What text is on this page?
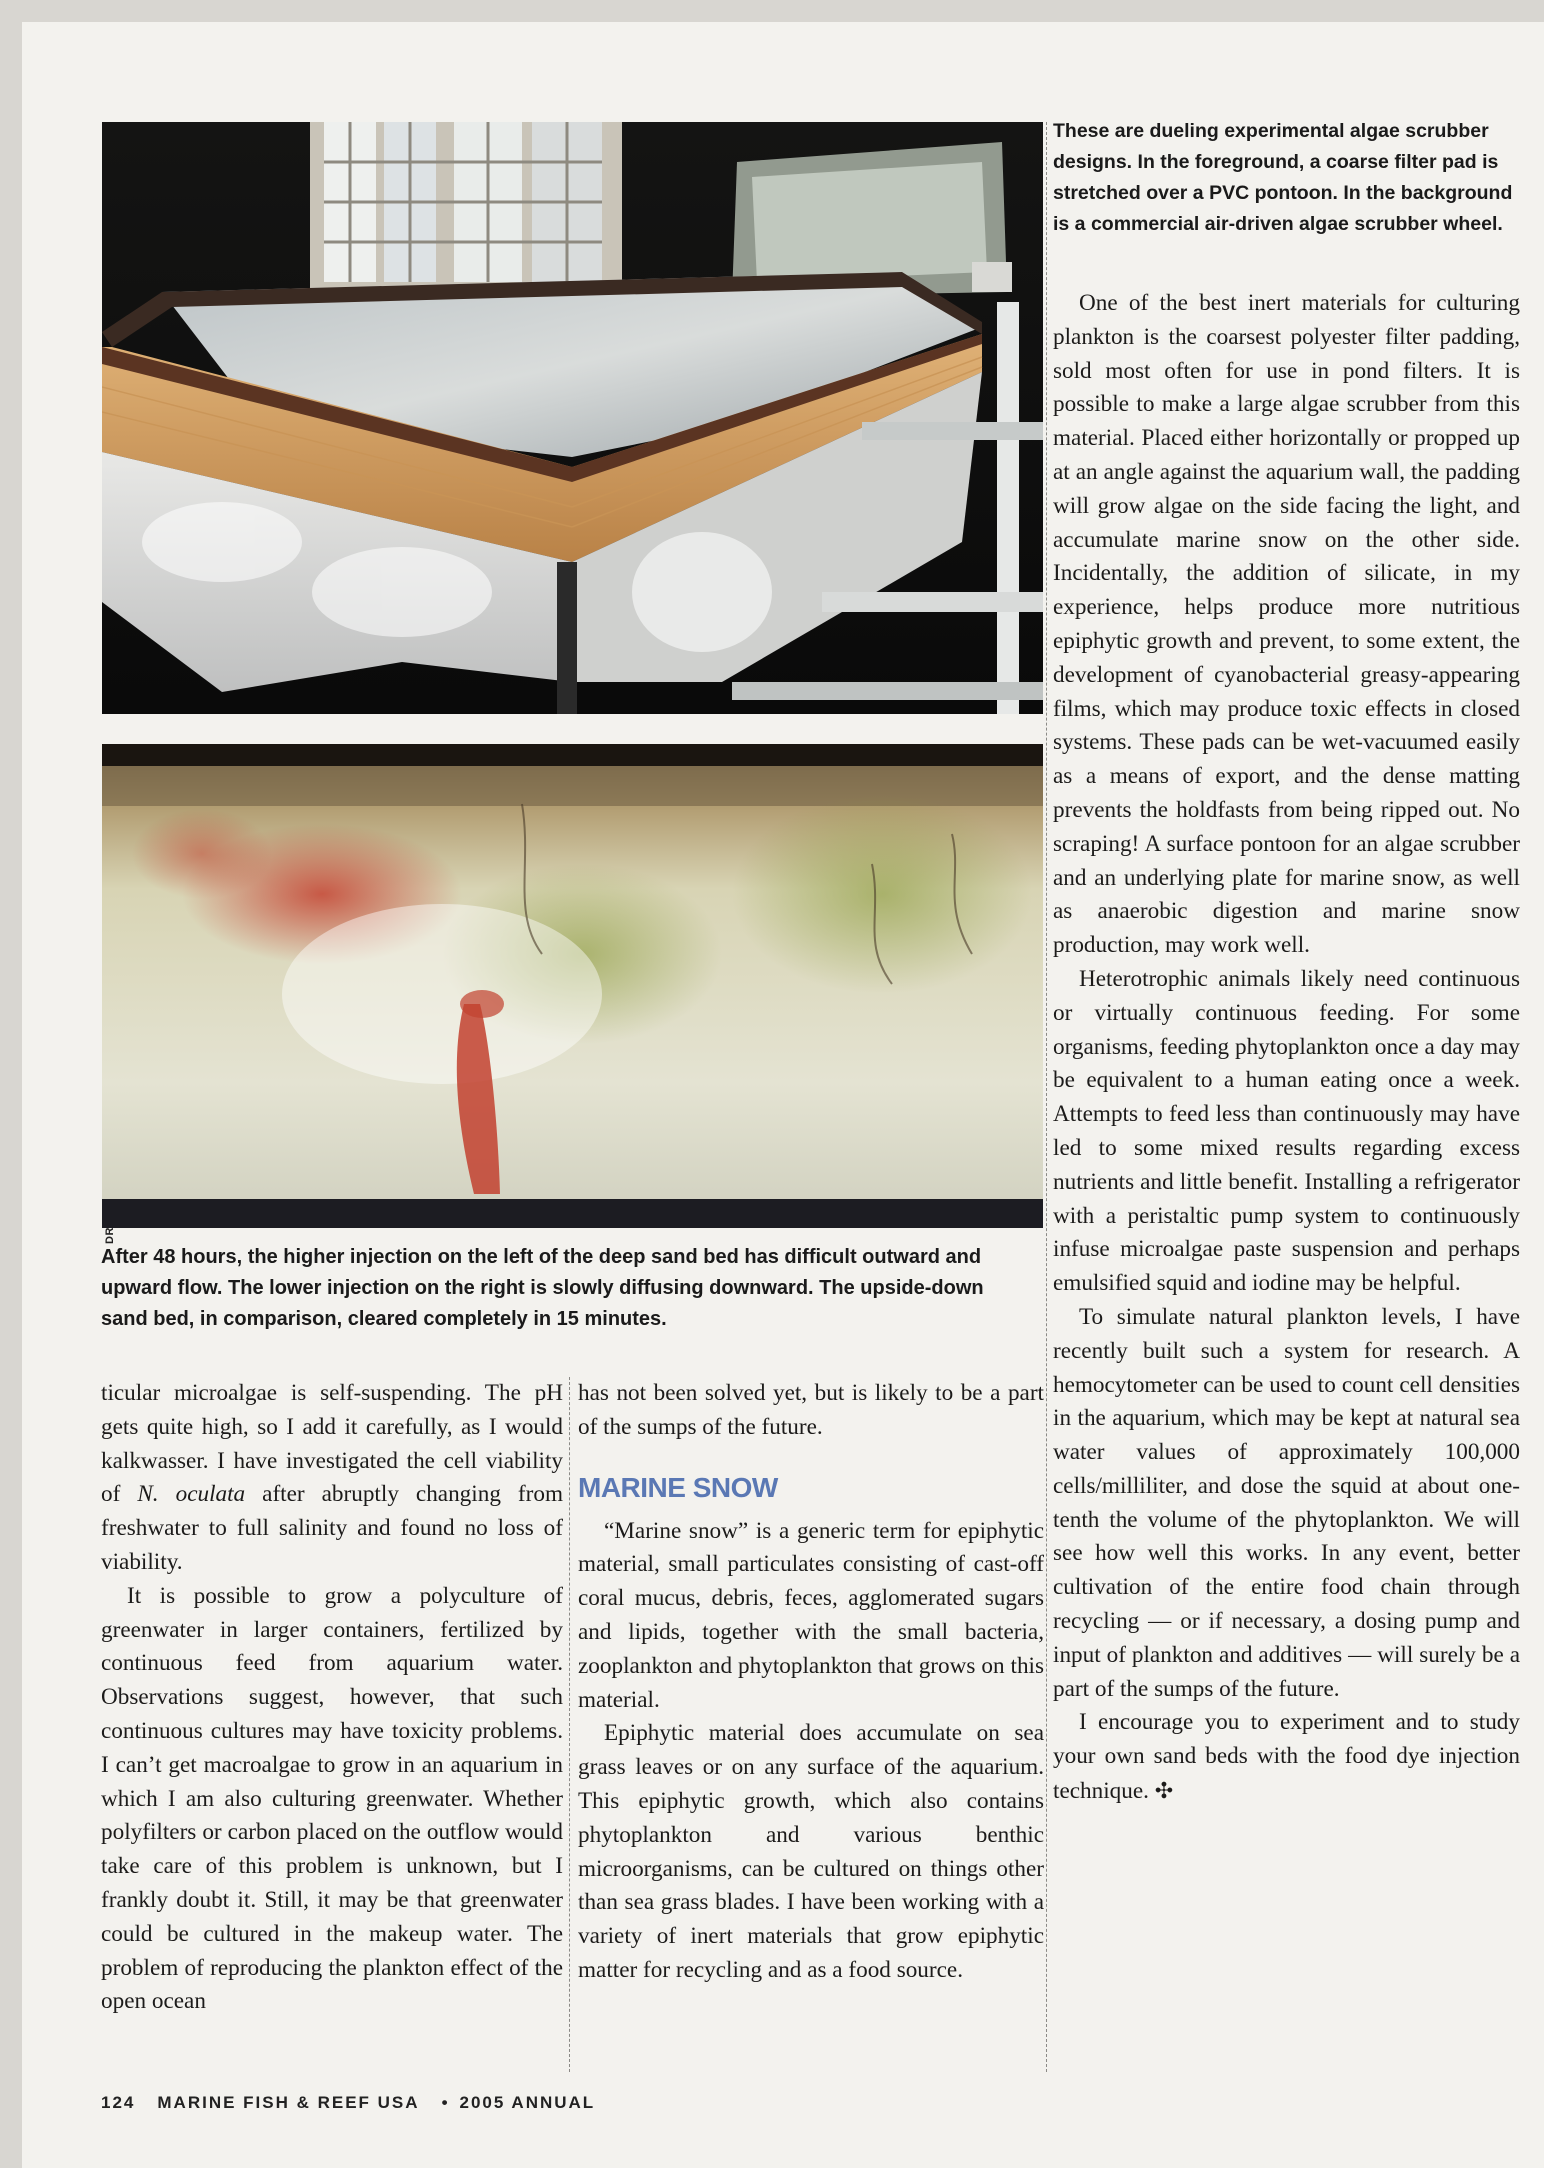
These are dueling experimental algae scrubber designs. In the foreground, a coarse filter pad is stretched over a PVC pontoon. In the background is a commercial air-driven algae scrubber wheel.
After 48 hours, the higher injection on the left of the deep sand bed has difficult outward and upward flow. The lower injection on the right is slowly diffusing downward. The upside-down sand bed, in comparison, cleared completely in 15 minutes.

ticular microalgae is self-suspending. The pH gets quite high, so I add it carefully, as I would kalkwasser. I have investigated the cell viability of N. oculata after abruptly changing from freshwater to full salinity and found no loss of viability.

It is possible to grow a polyculture of greenwater in larger containers, fertilized by continuous feed from aquarium water. Observations suggest, however, that such continuous cultures may have toxicity problems. I can’t get macroalgae to grow in an aquarium in which I am also culturing greenwater. Whether polyfilters or carbon placed on the outflow would take care of this problem is unknown, but I frankly doubt it. Still, it may be that greenwater could be cultured in the makeup water. The problem of reproducing the plankton effect of the open ocean

has not been solved yet, but is likely to be a part of the sumps of the future.

MARINE SNOW

“Marine snow” is a generic term for epiphytic material, small particulates consisting of cast-off coral mucus, debris, feces, agglomerated sugars and lipids, together with the small bacteria, zooplankton and phytoplankton that grows on this material.

Epiphytic material does accumulate on sea grass leaves or on any surface of the aquarium. This epiphytic growth, which also contains phytoplankton and various benthic microorganisms, can be cultured on things other than sea grass blades. I have been working with a variety of inert materials that grow epiphytic matter for recycling and as a food source.

One of the best inert materials for culturing plankton is the coarsest polyester filter padding, sold most often for use in pond filters. It is possible to make a large algae scrubber from this material. Placed either horizontally or propped up at an angle against the aquarium wall, the padding will grow algae on the side facing the light, and accumulate marine snow on the other side. Incidentally, the addition of silicate, in my experience, helps produce more nutritious epiphytic growth and prevent, to some extent, the development of cyanobacterial greasy-appearing films, which may produce toxic effects in closed systems. These pads can be wet-vacuumed easily as a means of export, and the dense matting prevents the holdfasts from being ripped out. No scraping! A surface pontoon for an algae scrubber and an underlying plate for marine snow, as well as anaerobic digestion and marine snow production, may work well.

Heterotrophic animals likely need continuous or virtually continuous feeding. For some organisms, feeding phytoplankton once a day may be equivalent to a human eating once a week. Attempts to feed less than continuously may have led to some mixed results regarding excess nutrients and little benefit. Installing a refrigerator with a peristaltic pump system to continuously infuse microalgae paste suspension and perhaps emulsified squid and iodine may be helpful.

To simulate natural plankton levels, I have recently built such a system for research. A hemocytometer can be used to count cell densities in the aquarium, which may be kept at natural sea water values of approximately 100,000 cells/milliliter, and dose the squid at about one-tenth the volume of the phytoplankton. We will see how well this works. In any event, better cultivation of the entire food chain through recycling — or if necessary, a dosing pump and input of plankton and additives — will surely be a part of the sumps of the future.

I encourage you to experiment and to study your own sand beds with the food dye injection technique. ✣

124 MARINE FISH & REEF USA • 2005 ANNUAL
